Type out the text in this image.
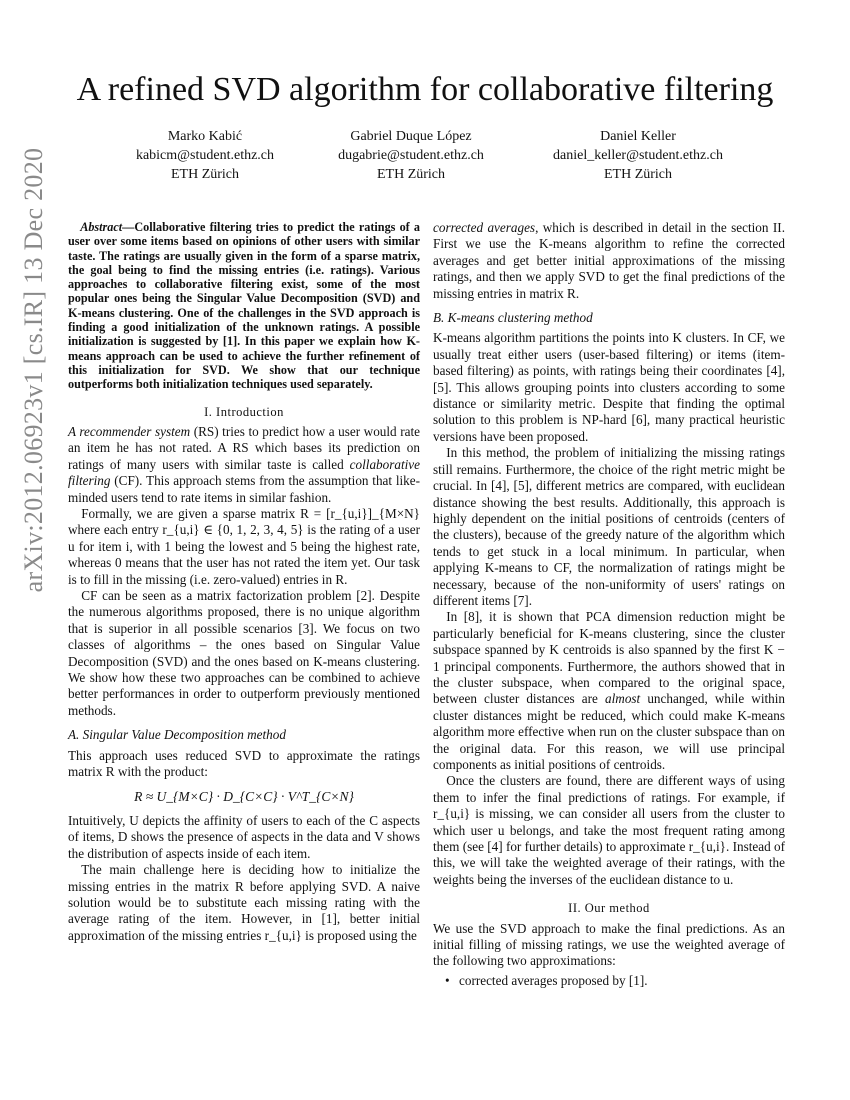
arXiv:2012.06923v1 [cs.IR] 13 Dec 2020
A refined SVD algorithm for collaborative filtering
Marko Kabić
kabicm@student.ethz.ch
ETH Zürich
Gabriel Duque López
dugabrie@student.ethz.ch
ETH Zürich
Daniel Keller
daniel_keller@student.ethz.ch
ETH Zürich

Abstract—Collaborative filtering tries to predict the ratings of a user over some items based on opinions of other users with similar taste. The ratings are usually given in the form of a sparse matrix, the goal being to find the missing entries (i.e. ratings). Various approaches to collaborative filtering exist, some of the most popular ones being the Singular Value Decomposition (SVD) and K-means clustering. One of the challenges in the SVD approach is finding a good initialization of the unknown ratings. A possible initialization is suggested by [1]. In this paper we explain how K-means approach can be used to achieve the further refinement of this initialization for SVD. We show that our technique outperforms both initialization techniques used separately.

I. Introduction

A recommender system (RS) tries to predict how a user would rate an item he has not rated. A RS which bases its prediction on ratings of many users with similar taste is called collaborative filtering (CF). This approach stems from the assumption that like-minded users tend to rate items in similar fashion.

Formally, we are given a sparse matrix R = [r_{u,i}]_{M×N} where each entry r_{u,i} ∈ {0, 1, 2, 3, 4, 5} is the rating of a user u for item i, with 1 being the lowest and 5 being the highest rate, whereas 0 means that the user has not rated the item yet. Our task is to fill in the missing (i.e. zero-valued) entries in R.

CF can be seen as a matrix factorization problem [2]. Despite the numerous algorithms proposed, there is no unique algorithm that is superior in all possible scenarios [3]. We focus on two classes of algorithms – the ones based on Singular Value Decomposition (SVD) and the ones based on K-means clustering. We show how these two approaches can be combined to achieve better performances in order to outperform previously mentioned methods.

A. Singular Value Decomposition method

This approach uses reduced SVD to approximate the ratings matrix R with the product:

R ≈ U_{M×C} · D_{C×C} · V^T_{C×N}

Intuitively, U depicts the affinity of users to each of the C aspects of items, D shows the presence of aspects in the data and V shows the distribution of aspects inside of each item.

The main challenge here is deciding how to initialize the missing entries in the matrix R before applying SVD. A naive solution would be to substitute each missing rating with the average rating of the item. However, in [1], better initial approximation of the missing entries r_{u,i} is proposed using the

corrected averages, which is described in detail in the section II. First we use the K-means algorithm to refine the corrected averages and get better initial approximations of the missing ratings, and then we apply SVD to get the final predictions of the missing entries in matrix R.

B. K-means clustering method

K-means algorithm partitions the points into K clusters. In CF, we usually treat either users (user-based filtering) or items (item-based filtering) as points, with ratings being their coordinates [4], [5]. This allows grouping points into clusters according to some distance or similarity metric. Despite that finding the optimal solution to this problem is NP-hard [6], many practical heuristic versions have been proposed.

In this method, the problem of initializing the missing ratings still remains. Furthermore, the choice of the right metric might be crucial. In [4], [5], different metrics are compared, with euclidean distance showing the best results. Additionally, this approach is highly dependent on the initial positions of centroids (centers of the clusters), because of the greedy nature of the algorithm which tends to get stuck in a local minimum. In particular, when applying K-means to CF, the normalization of ratings might be necessary, because of the non-uniformity of users' ratings on different items [7].

In [8], it is shown that PCA dimension reduction might be particularly beneficial for K-means clustering, since the cluster subspace spanned by K centroids is also spanned by the first K − 1 principal components. Furthermore, the authors showed that in the cluster subspace, when compared to the original space, between cluster distances are almost unchanged, while within cluster distances might be reduced, which could make K-means algorithm more effective when run on the cluster subspace than on the original data. For this reason, we will use principal components as initial positions of centroids.

Once the clusters are found, there are different ways of using them to infer the final predictions of ratings. For example, if r_{u,i} is missing, we can consider all users from the cluster to which user u belongs, and take the most frequent rating among them (see [4] for further details) to approximate r_{u,i}. Instead of this, we will take the weighted average of their ratings, with the weights being the inverses of the euclidean distance to u.

II. Our method

We use the SVD approach to make the final predictions. As an initial filling of missing ratings, we use the weighted average of the following two approximations:

• corrected averages proposed by [1].
